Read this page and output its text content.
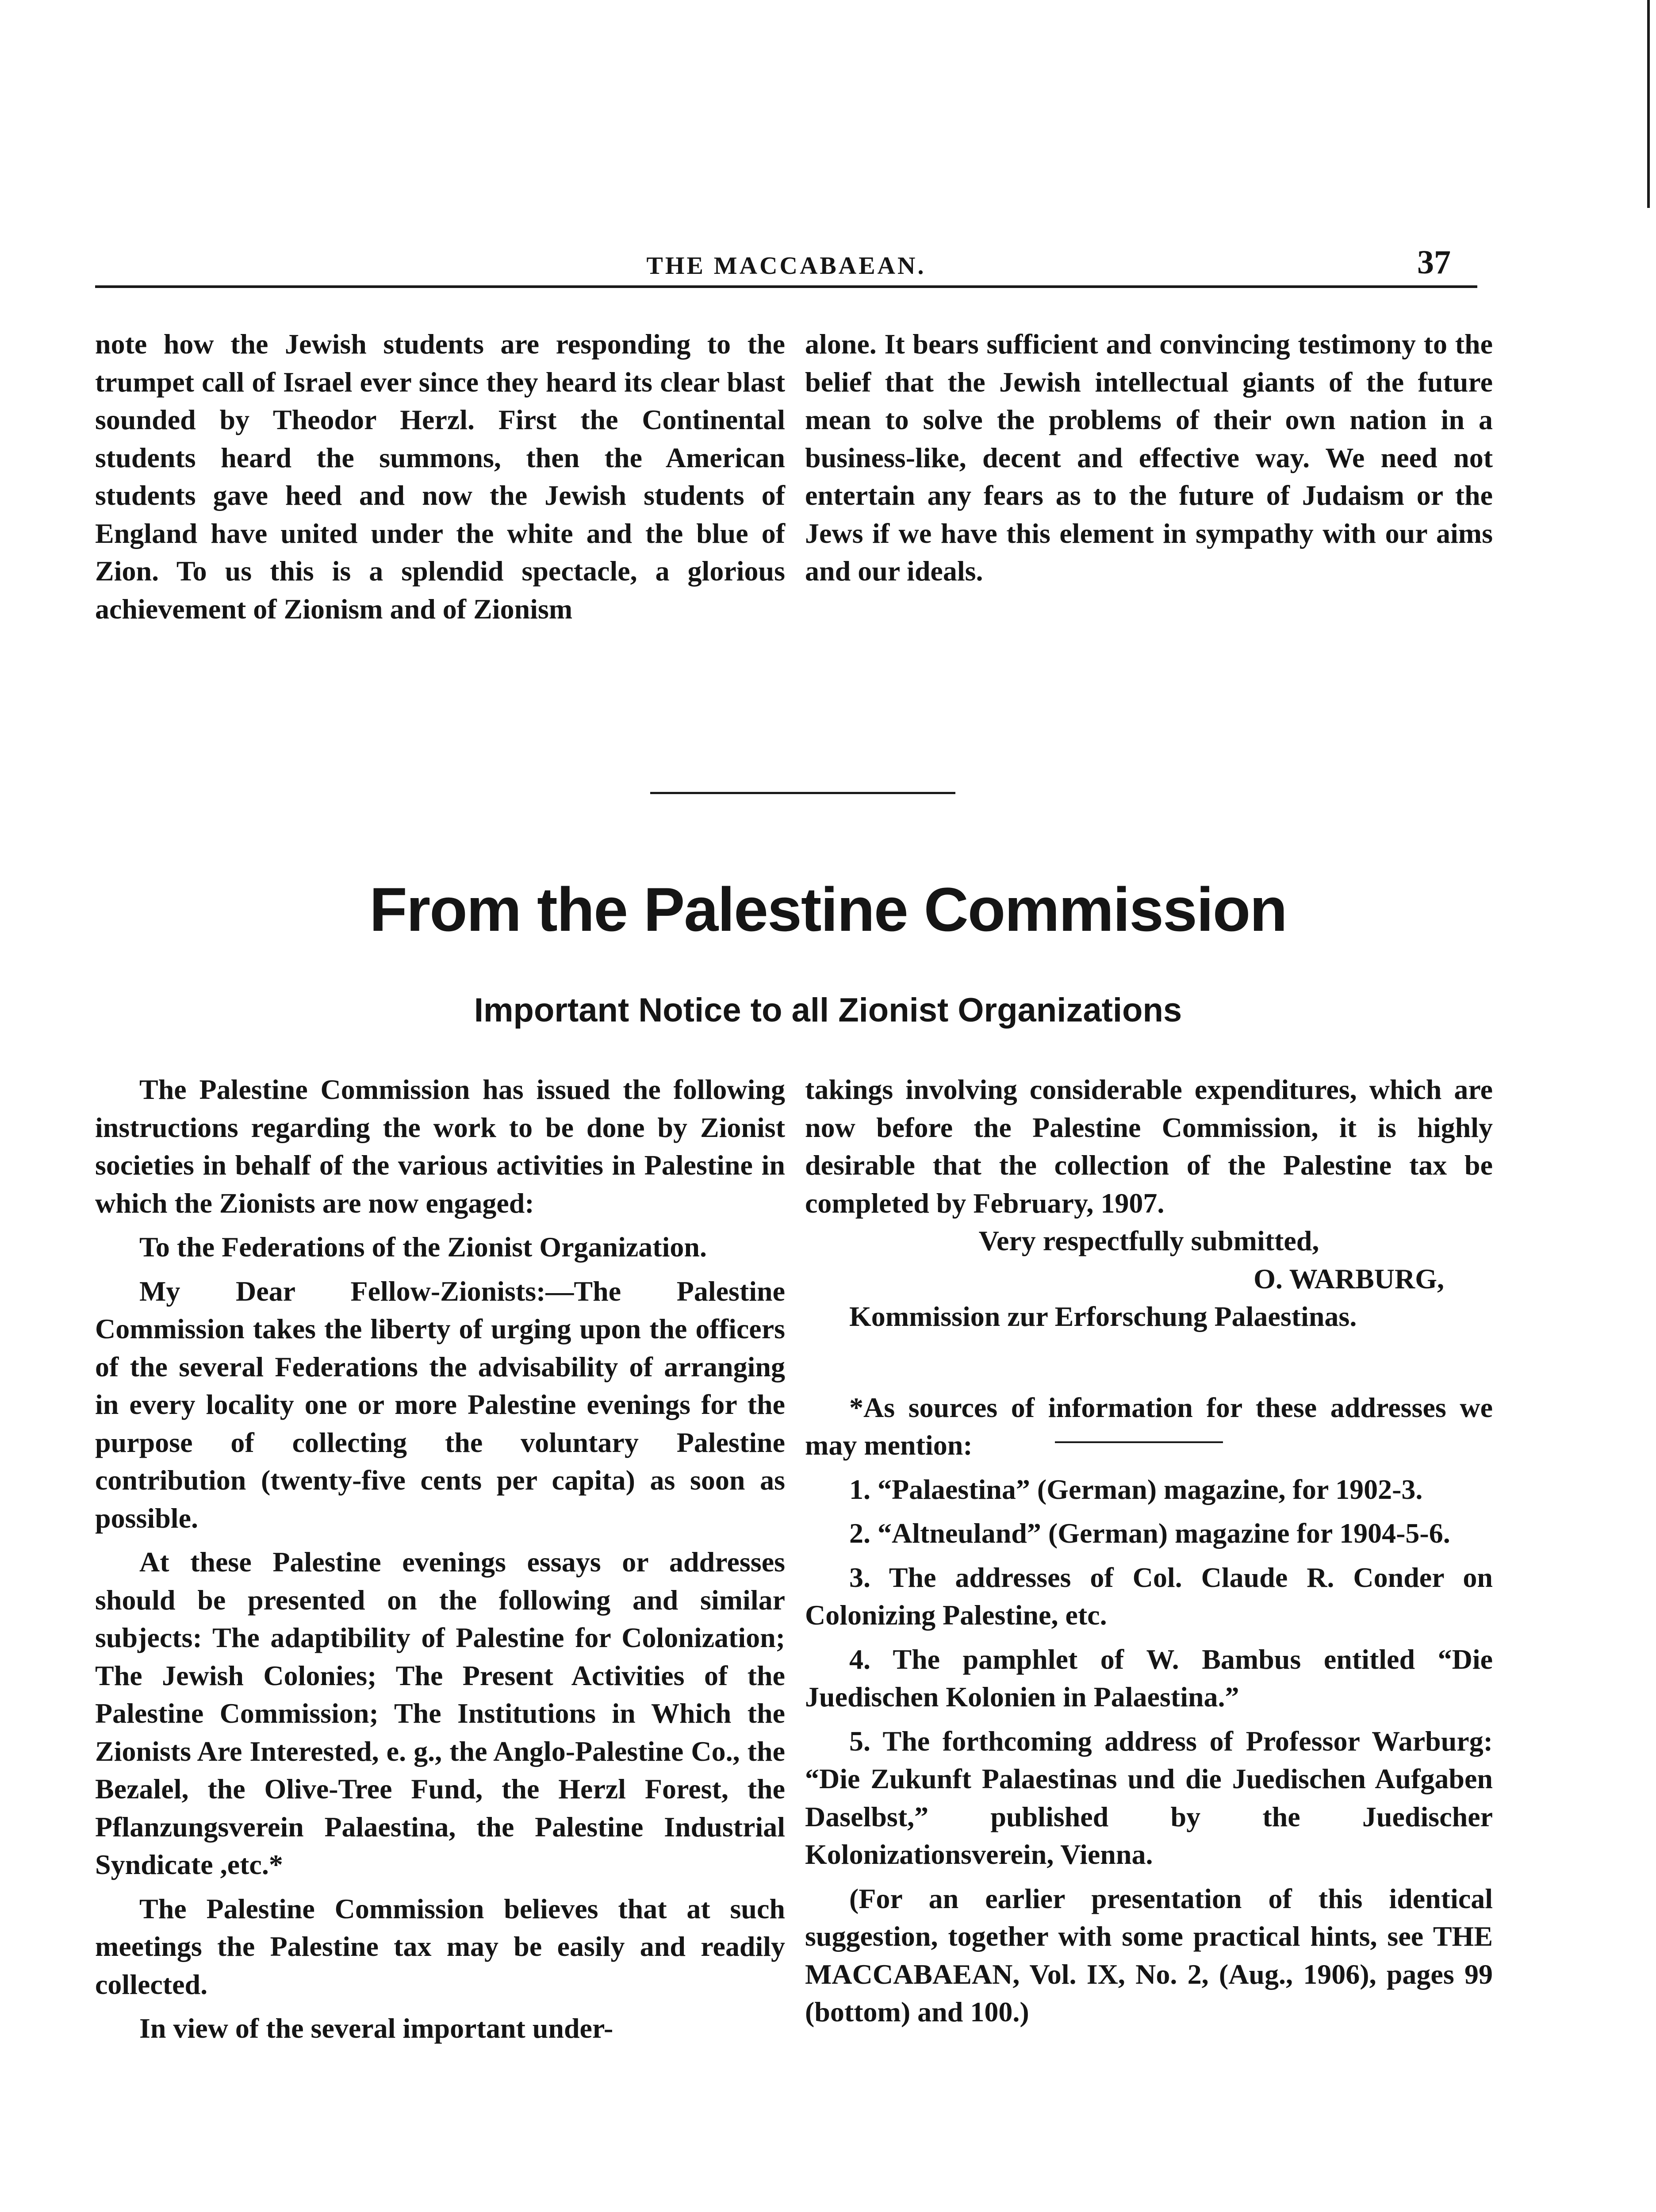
THE MACCABAEAN.	37

note how the Jewish students are responding to the trumpet call of Israel ever since they heard its clear blast sounded by Theodor Herzl. First the Continental students heard the summons, then the American students gave heed and now the Jewish students of England have united under the white and the blue of Zion. To us this is a splendid spectacle, a glorious achievement of Zionism and of Zionism

alone. It bears sufficient and convincing testimony to the belief that the Jewish intellectual giants of the future mean to solve the problems of their own nation in a business-like, decent and effective way. We need not entertain any fears as to the future of Judaism or the Jews if we have this element in sympathy with our aims and our ideals.

From the Palestine Commission
Important Notice to all Zionist Organizations

The Palestine Commission has issued the following instructions regarding the work to be done by Zionist societies in behalf of the various activities in Palestine in which the Zionists are now engaged:

To the Federations of the Zionist Organization.

My Dear Fellow-Zionists:—The Palestine Commission takes the liberty of urging upon the officers of the several Federations the advisability of arranging in every locality one or more Palestine evenings for the purpose of collecting the voluntary Palestine contribution (twenty-five cents per capita) as soon as possible.

At these Palestine evenings essays or addresses should be presented on the following and similar subjects: The adaptibility of Palestine for Colonization; The Jewish Colonies; The Present Activities of the Palestine Commission; The Institutions in Which the Zionists Are Interested, e. g., the Anglo-Palestine Co., the Bezalel, the Olive-Tree Fund, the Herzl Forest, the Pflanzungsverein Palaestina, the Palestine Industrial Syndicate ,etc.*

The Palestine Commission believes that at such meetings the Palestine tax may be easily and readily collected.

In view of the several important under-

takings involving considerable expenditures, which are now before the Palestine Commission, it is highly desirable that the collection of the Palestine tax be completed by February, 1907.

Very respectfully submitted,

O. WARBURG,

Kommission zur Erforschung Palaestinas.

*As sources of information for these addresses we may mention:

1. “Palaestina” (German) magazine, for 1902-3.

2. “Altneuland” (German) magazine for 1904-5-6.

3. The addresses of Col. Claude R. Conder on Colonizing Palestine, etc.

4. The pamphlet of W. Bambus entitled “Die Juedischen Kolonien in Palaestina.”

5. The forthcoming address of Professor Warburg: “Die Zukunft Palaestinas und die Juedischen Aufgaben Daselbst,” published by the Juedischer Kolonizationsverein, Vienna.

(For an earlier presentation of this identical suggestion, together with some practical hints, see THE MACCABAEAN, Vol. IX, No. 2, (Aug., 1906), pages 99 (bottom) and 100.)
